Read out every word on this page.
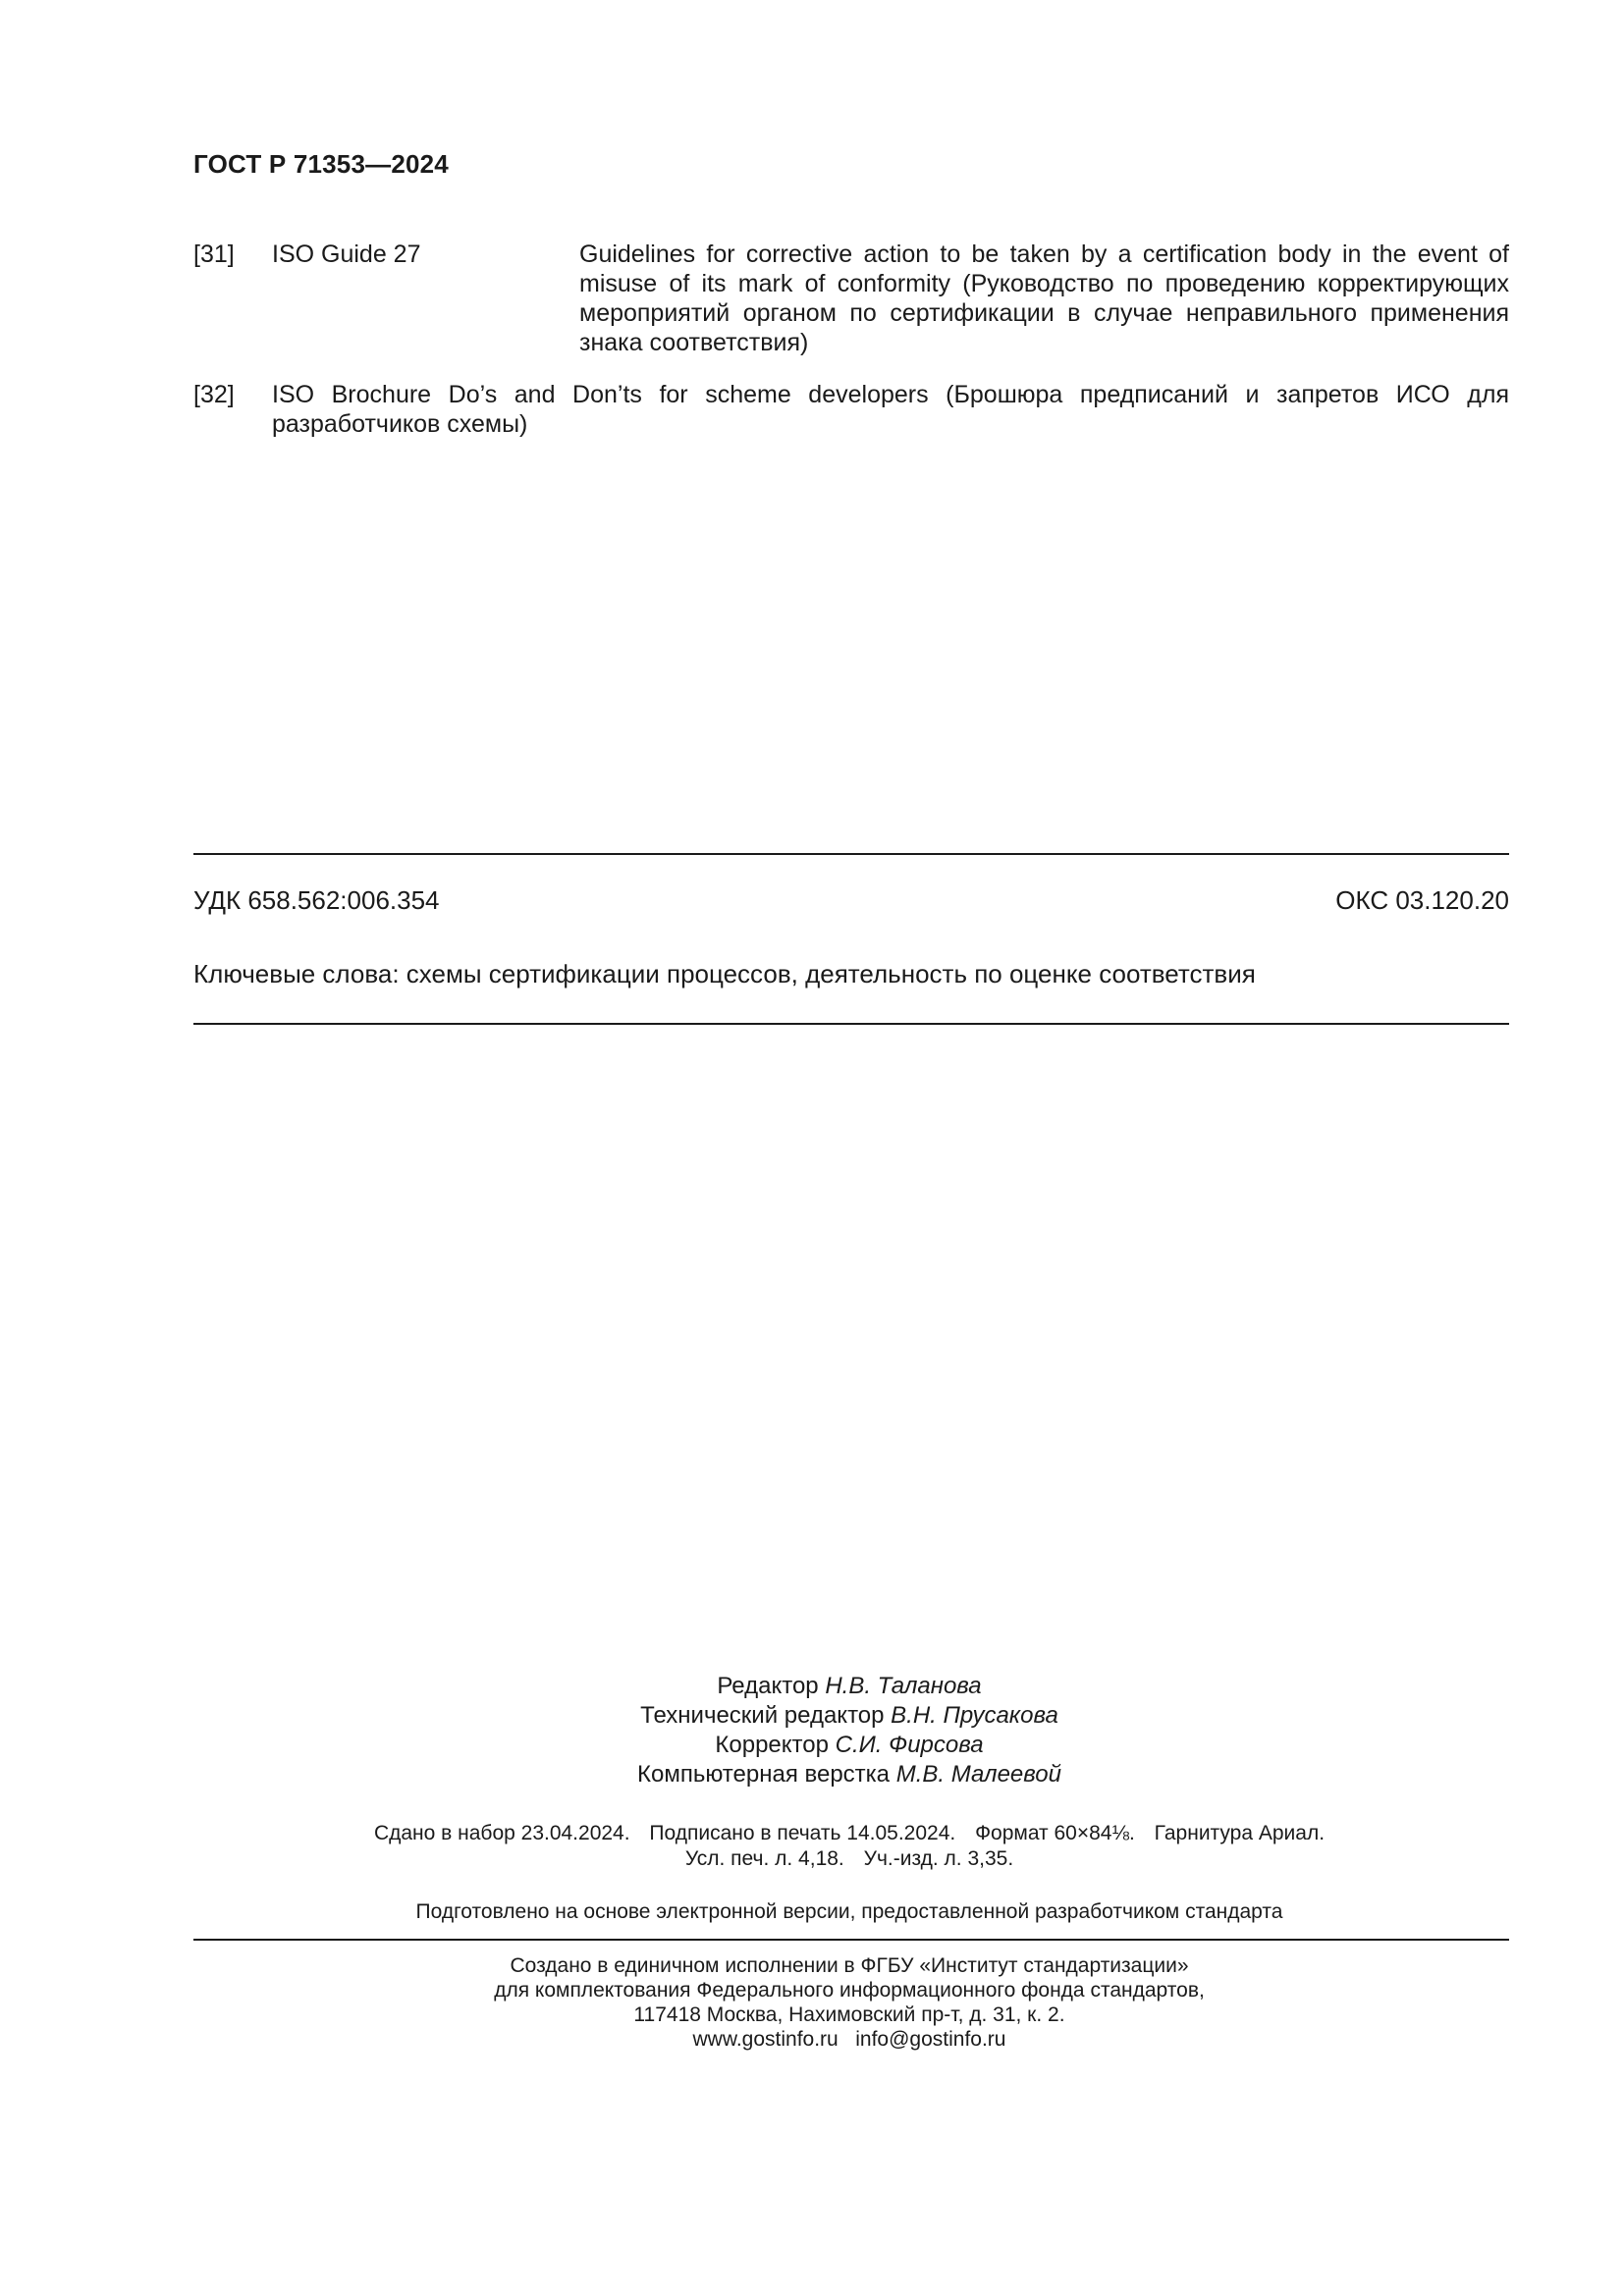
ГОСТ Р 71353—2024
[31] ISO Guide 27	Guidelines for corrective action to be taken by a certification body in the event of misuse of its mark of conformity (Руководство по проведению корректирующих мероприятий органом по сертификации в случае неправильного применения знака соответствия)
[32] ISO Brochure Do’s and Don’ts for scheme developers (Брошюра предписаний и запретов ИСО для разработчиков схемы)
УДК 658.562:006.354	ОКС 03.120.20
Ключевые слова: схемы сертификации процессов, деятельность по оценке соответствия
Редактор Н.В. Таланова
Технический редактор В.Н. Прусакова
Корректор С.И. Фирсова
Компьютерная верстка М.В. Малеевой
Сдано в набор 23.04.2024. Подписано в печать 14.05.2024. Формат 60×84⅛. Гарнитура Ариал.
Усл. печ. л. 4,18. Уч.-изд. л. 3,35.
Подготовлено на основе электронной версии, предоставленной разработчиком стандарта
Создано в единичном исполнении в ФГБУ «Институт стандартизации»
для комплектования Федерального информационного фонда стандартов,
117418 Москва, Нахимовский пр-т, д. 31, к. 2.
www.gostinfo.ru info@gostinfo.ru
